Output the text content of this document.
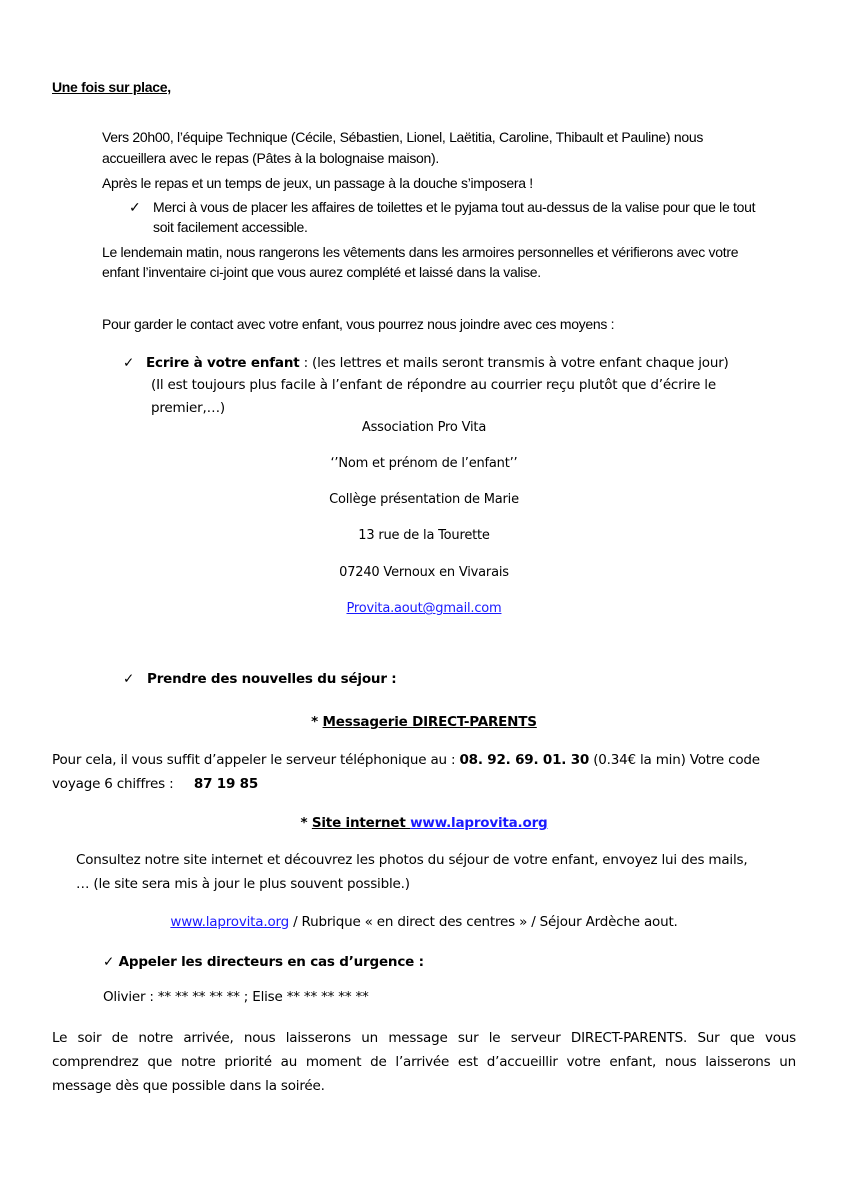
Une fois sur place,
Vers 20h00, l’équipe Technique (Cécile, Sébastien, Lionel, Laëtitia, Caroline, Thibault et Pauline) nous
accueillera avec le repas (Pâtes à la bolognaise maison).
Après le repas et un temps de jeux, un passage à la douche s’imposera !
✓ Merci à vous de placer les affaires de toilettes et le pyjama tout au-dessus de la valise pour que le tout
soit facilement accessible.
Le lendemain matin, nous rangerons les vêtements dans les armoires personnelles et vérifierons avec votre
enfant l’inventaire ci-joint que vous aurez complété et laissé dans la valise.
Pour garder le contact avec votre enfant, vous pourrez nous joindre avec ces moyens :
✓ Ecrire à votre enfant : (les lettres et mails seront transmis à votre enfant chaque jour)
(Il est toujours plus facile à l’enfant de répondre au courrier reçu plutôt que d’écrire le
premier,…)
Association Pro Vita
‘’Nom et prénom de l’enfant’’
Collège présentation de Marie
13 rue de la Tourette
07240 Vernoux en Vivarais
Provita.aout@gmail.com
✓ Prendre des nouvelles du séjour :
* Messagerie DIRECT-PARENTS
Pour cela, il vous suffit d’appeler le serveur téléphonique au : 08. 92. 69. 01. 30 (0.34€ la min) Votre code
voyage 6 chiffres :     87 19 85
* Site internet www.laprovita.org
Consultez notre site internet et découvrez les photos du séjour de votre enfant, envoyez lui des mails,
… (le site sera mis à jour le plus souvent possible.)
www.laprovita.org / Rubrique « en direct des centres » / Séjour Ardèche aout.
✓ Appeler les directeurs en cas d’urgence :
Olivier : ** ** ** ** ** ; Elise ** ** ** ** **
Le soir de notre arrivée, nous laisserons un message sur le serveur DIRECT-PARENTS. Sur que vous
comprendrez que notre priorité au moment de l’arrivée est d’accueillir votre enfant, nous laisserons un
message dès que possible dans la soirée.
